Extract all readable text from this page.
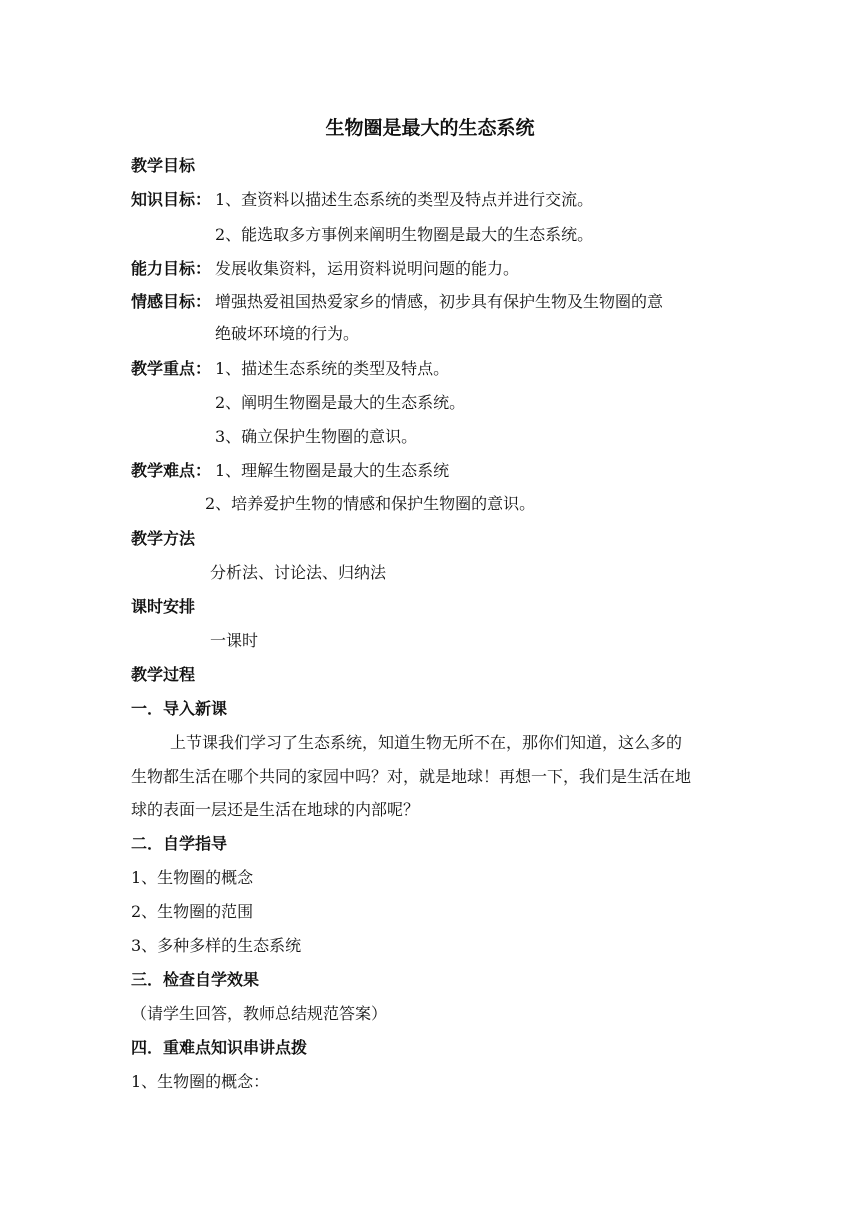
生物圈是最大的生态系统
教学目标
知识目标： 1、查资料以描述生态系统的类型及特点并进行交流。
2、能选取多方事例来阐明生物圈是最大的生态系统。
能力目标： 发展收集资料，运用资料说明问题的能力。
情感目标： 增强热爱祖国热爱家乡的情感，初步具有保护生物及生物圈的意
绝破坏环境的行为。
教学重点： 1、描述生态系统的类型及特点。
2、阐明生物圈是最大的生态系统。
3、确立保护生物圈的意识。
教学难点： 1、理解生物圈是最大的生态系统
2、培养爱护生物的情感和保护生物圈的意识。
教学方法
分析法、讨论法、归纳法
课时安排
一课时
教学过程
一．导入新课
上节课我们学习了生态系统，知道生物无所不在，那你们知道，这么多的
生物都生活在哪个共同的家园中吗？对，就是地球！再想一下，我们是生活在地
球的表面一层还是生活在地球的内部呢？
二．自学指导
1、生物圈的概念
2、生物圈的范围
3、多种多样的生态系统
三．检查自学效果
（请学生回答，教师总结规范答案）
四．重难点知识串讲点拨
1、生物圈的概念：
